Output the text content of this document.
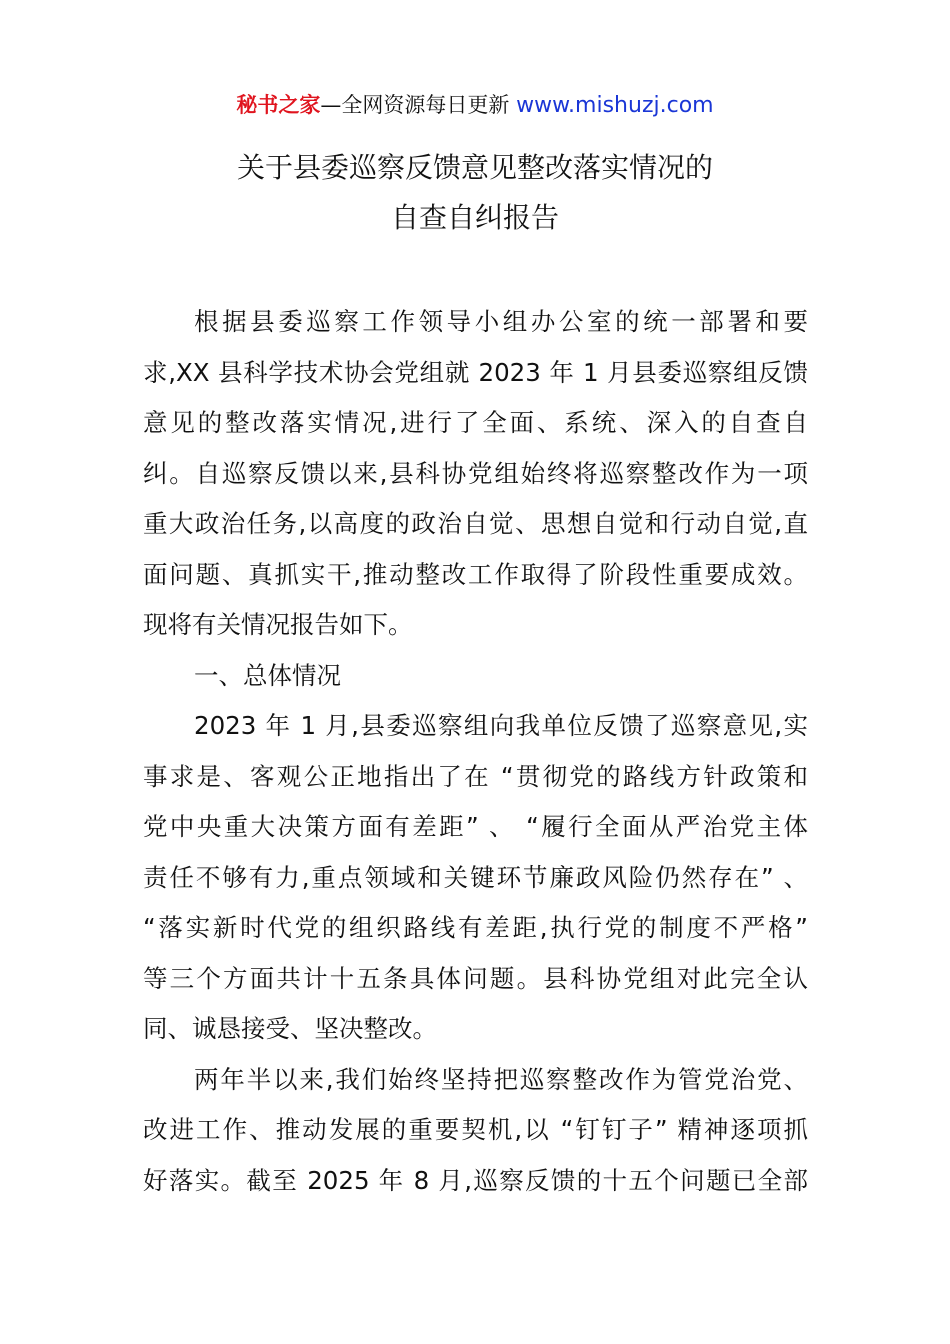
秘书之家—全网资源每日更新 www.mishuzj.com
关于县委巡察反馈意见整改落实情况的
自查自纠报告
根据县委巡察工作领导小组办公室的统一部署和要
求,XX 县科学技术协会党组就 2023 年 1 月县委巡察组反馈
意见的整改落实情况,进行了全面、系统、深入的自查自
纠。自巡察反馈以来,县科协党组始终将巡察整改作为一项
重大政治任务,以高度的政治自觉、思想自觉和行动自觉,直
面问题、真抓实干,推动整改工作取得了阶段性重要成效。
现将有关情况报告如下。
一、总体情况
2023 年 1 月,县委巡察组向我单位反馈了巡察意见,实
事求是、客观公正地指出了在 “贯彻党的路线方针政策和
党中央重大决策方面有差距” 、 “履行全面从严治党主体
责任不够有力,重点领域和关键环节廉政风险仍然存在” 、
“落实新时代党的组织路线有差距,执行党的制度不严格”
等三个方面共计十五条具体问题。县科协党组对此完全认
同、诚恳接受、坚决整改。
两年半以来,我们始终坚持把巡察整改作为管党治党、
改进工作、推动发展的重要契机,以 “钉钉子” 精神逐项抓
好落实。截至 2025 年 8 月,巡察反馈的十五个问题已全部
